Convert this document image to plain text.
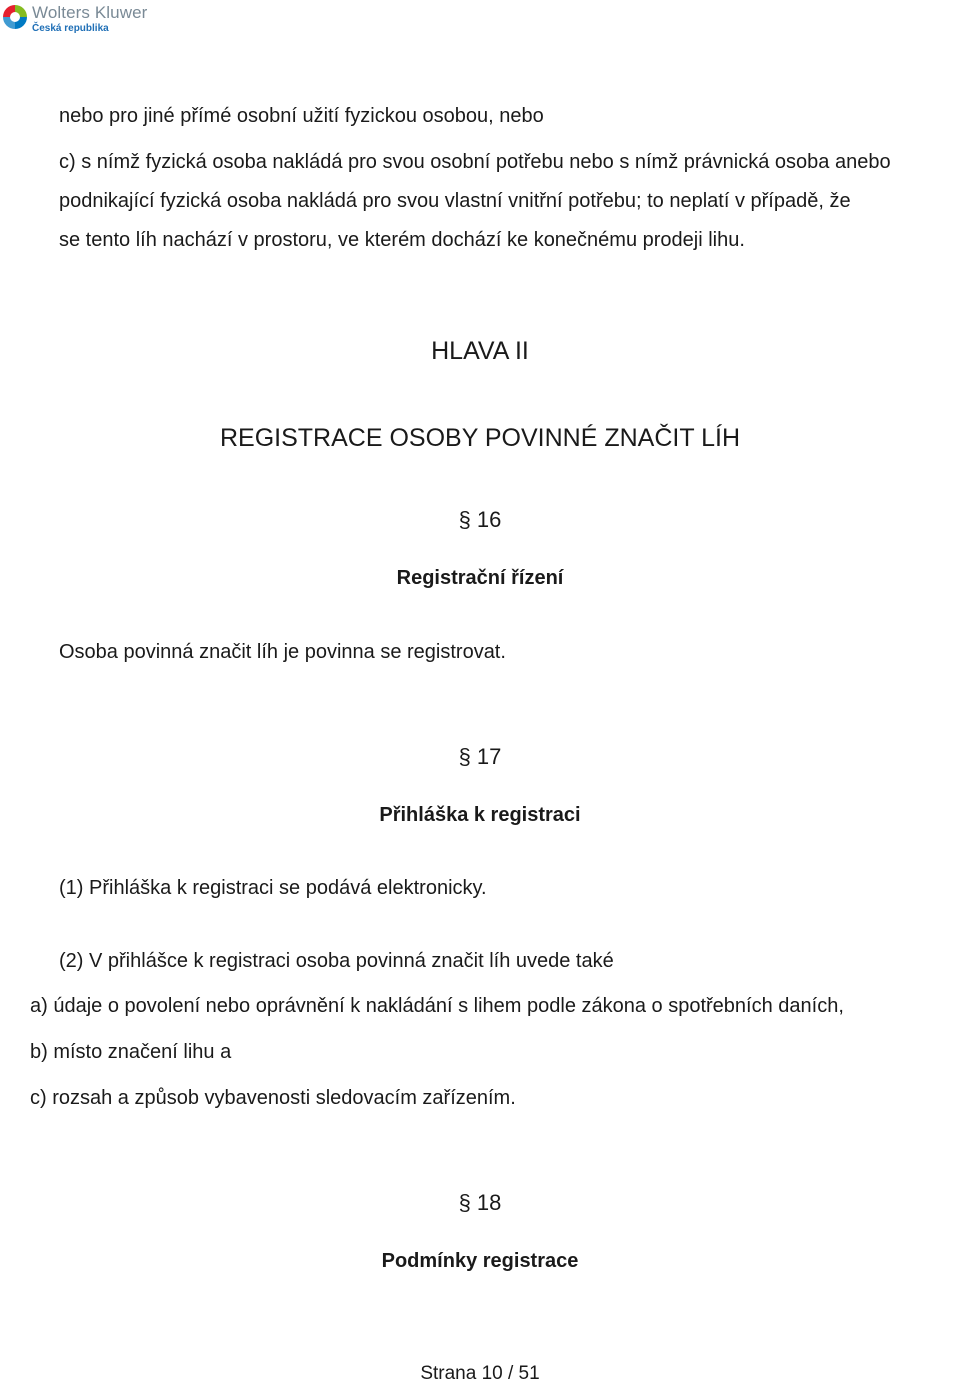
Wolters Kluwer
Česká republika
nebo pro jiné přímé osobní užití fyzickou osobou, nebo
c) s nímž fyzická osoba nakládá pro svou osobní potřebu nebo s nímž právnická osoba anebo
podnikající fyzická osoba nakládá pro svou vlastní vnitřní potřebu; to neplatí v případě, že
se tento líh nachází v prostoru, ve kterém dochází ke konečnému prodeji lihu.
HLAVA II
REGISTRACE OSOBY POVINNÉ ZNAČIT LÍH
§ 16
Registrační řízení
Osoba povinná značit líh je povinna se registrovat.
§ 17
Přihláška k registraci
(1) Přihláška k registraci se podává elektronicky.
(2) V přihlášce k registraci osoba povinná značit líh uvede také
a) údaje o povolení nebo oprávnění k nakládání s lihem podle zákona o spotřebních daních,
b) místo značení lihu a
c) rozsah a způsob vybavenosti sledovacím zařízením.
§ 18
Podmínky registrace
Strana 10 / 51
